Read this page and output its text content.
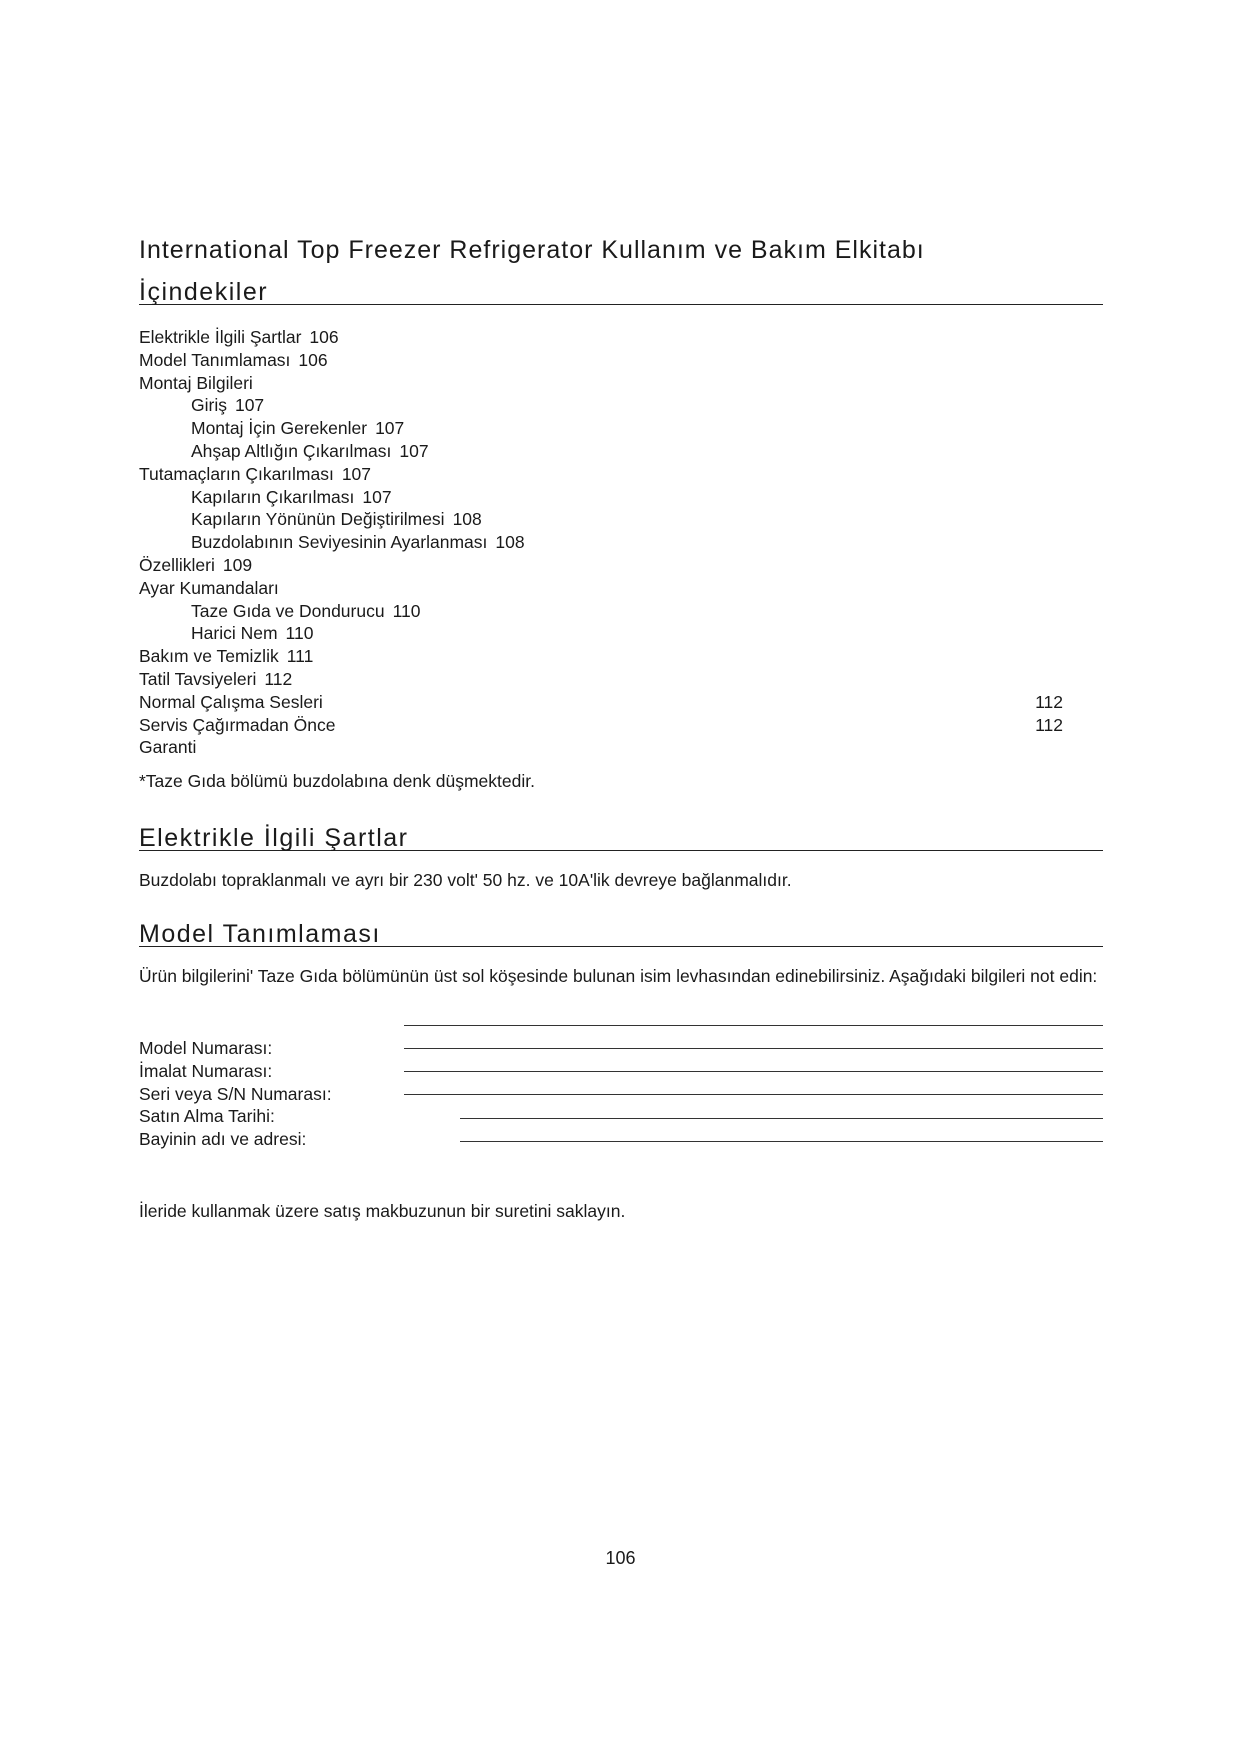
International Top Freezer Refrigerator Kullanım ve Bakım Elkitabı
İçindekiler
Elektrikle İlgili Şartlar 106
Model Tanımlaması 106
Montaj Bilgileri
Giriş 107
Montaj İçin Gerekenler 107
Ahşap Altlığın Çıkarılması 107
Tutamaçların Çıkarılması 107
Kapıların Çıkarılması 107
Kapıların Yönünün Değiştirilmesi 108
Buzdolabının Seviyesinin Ayarlanması 108
Özellikleri 109
Ayar Kumandaları
Taze Gıda ve Dondurucu 110
Harici Nem 110
Bakım ve Temizlik 111
Tatil Tavsiyeleri 112
Normal Çalışma Sesleri	112
Servis Çağırmadan Önce	112
Garanti

*Taze Gıda bölümü buzdolabına denk düşmektedir.

Elektrikle İlgili Şartlar

Buzdolabı topraklanmalı ve ayrı bir 230 volt' 50 hz. ve 10A'lik devreye bağlanmalıdır.

Model Tanımlaması

Ürün bilgilerini' Taze Gıda bölümünün üst sol köşesinde bulunan isim levhasından edinebilirsiniz. Aşağıdaki bilgileri not edin:

Model Numarası:
İmalat Numarası:
Seri veya S/N Numarası:
Satın Alma Tarihi:
Bayinin adı ve adresi:

İleride kullanmak üzere satış makbuzunun bir suretini saklayın.

106
